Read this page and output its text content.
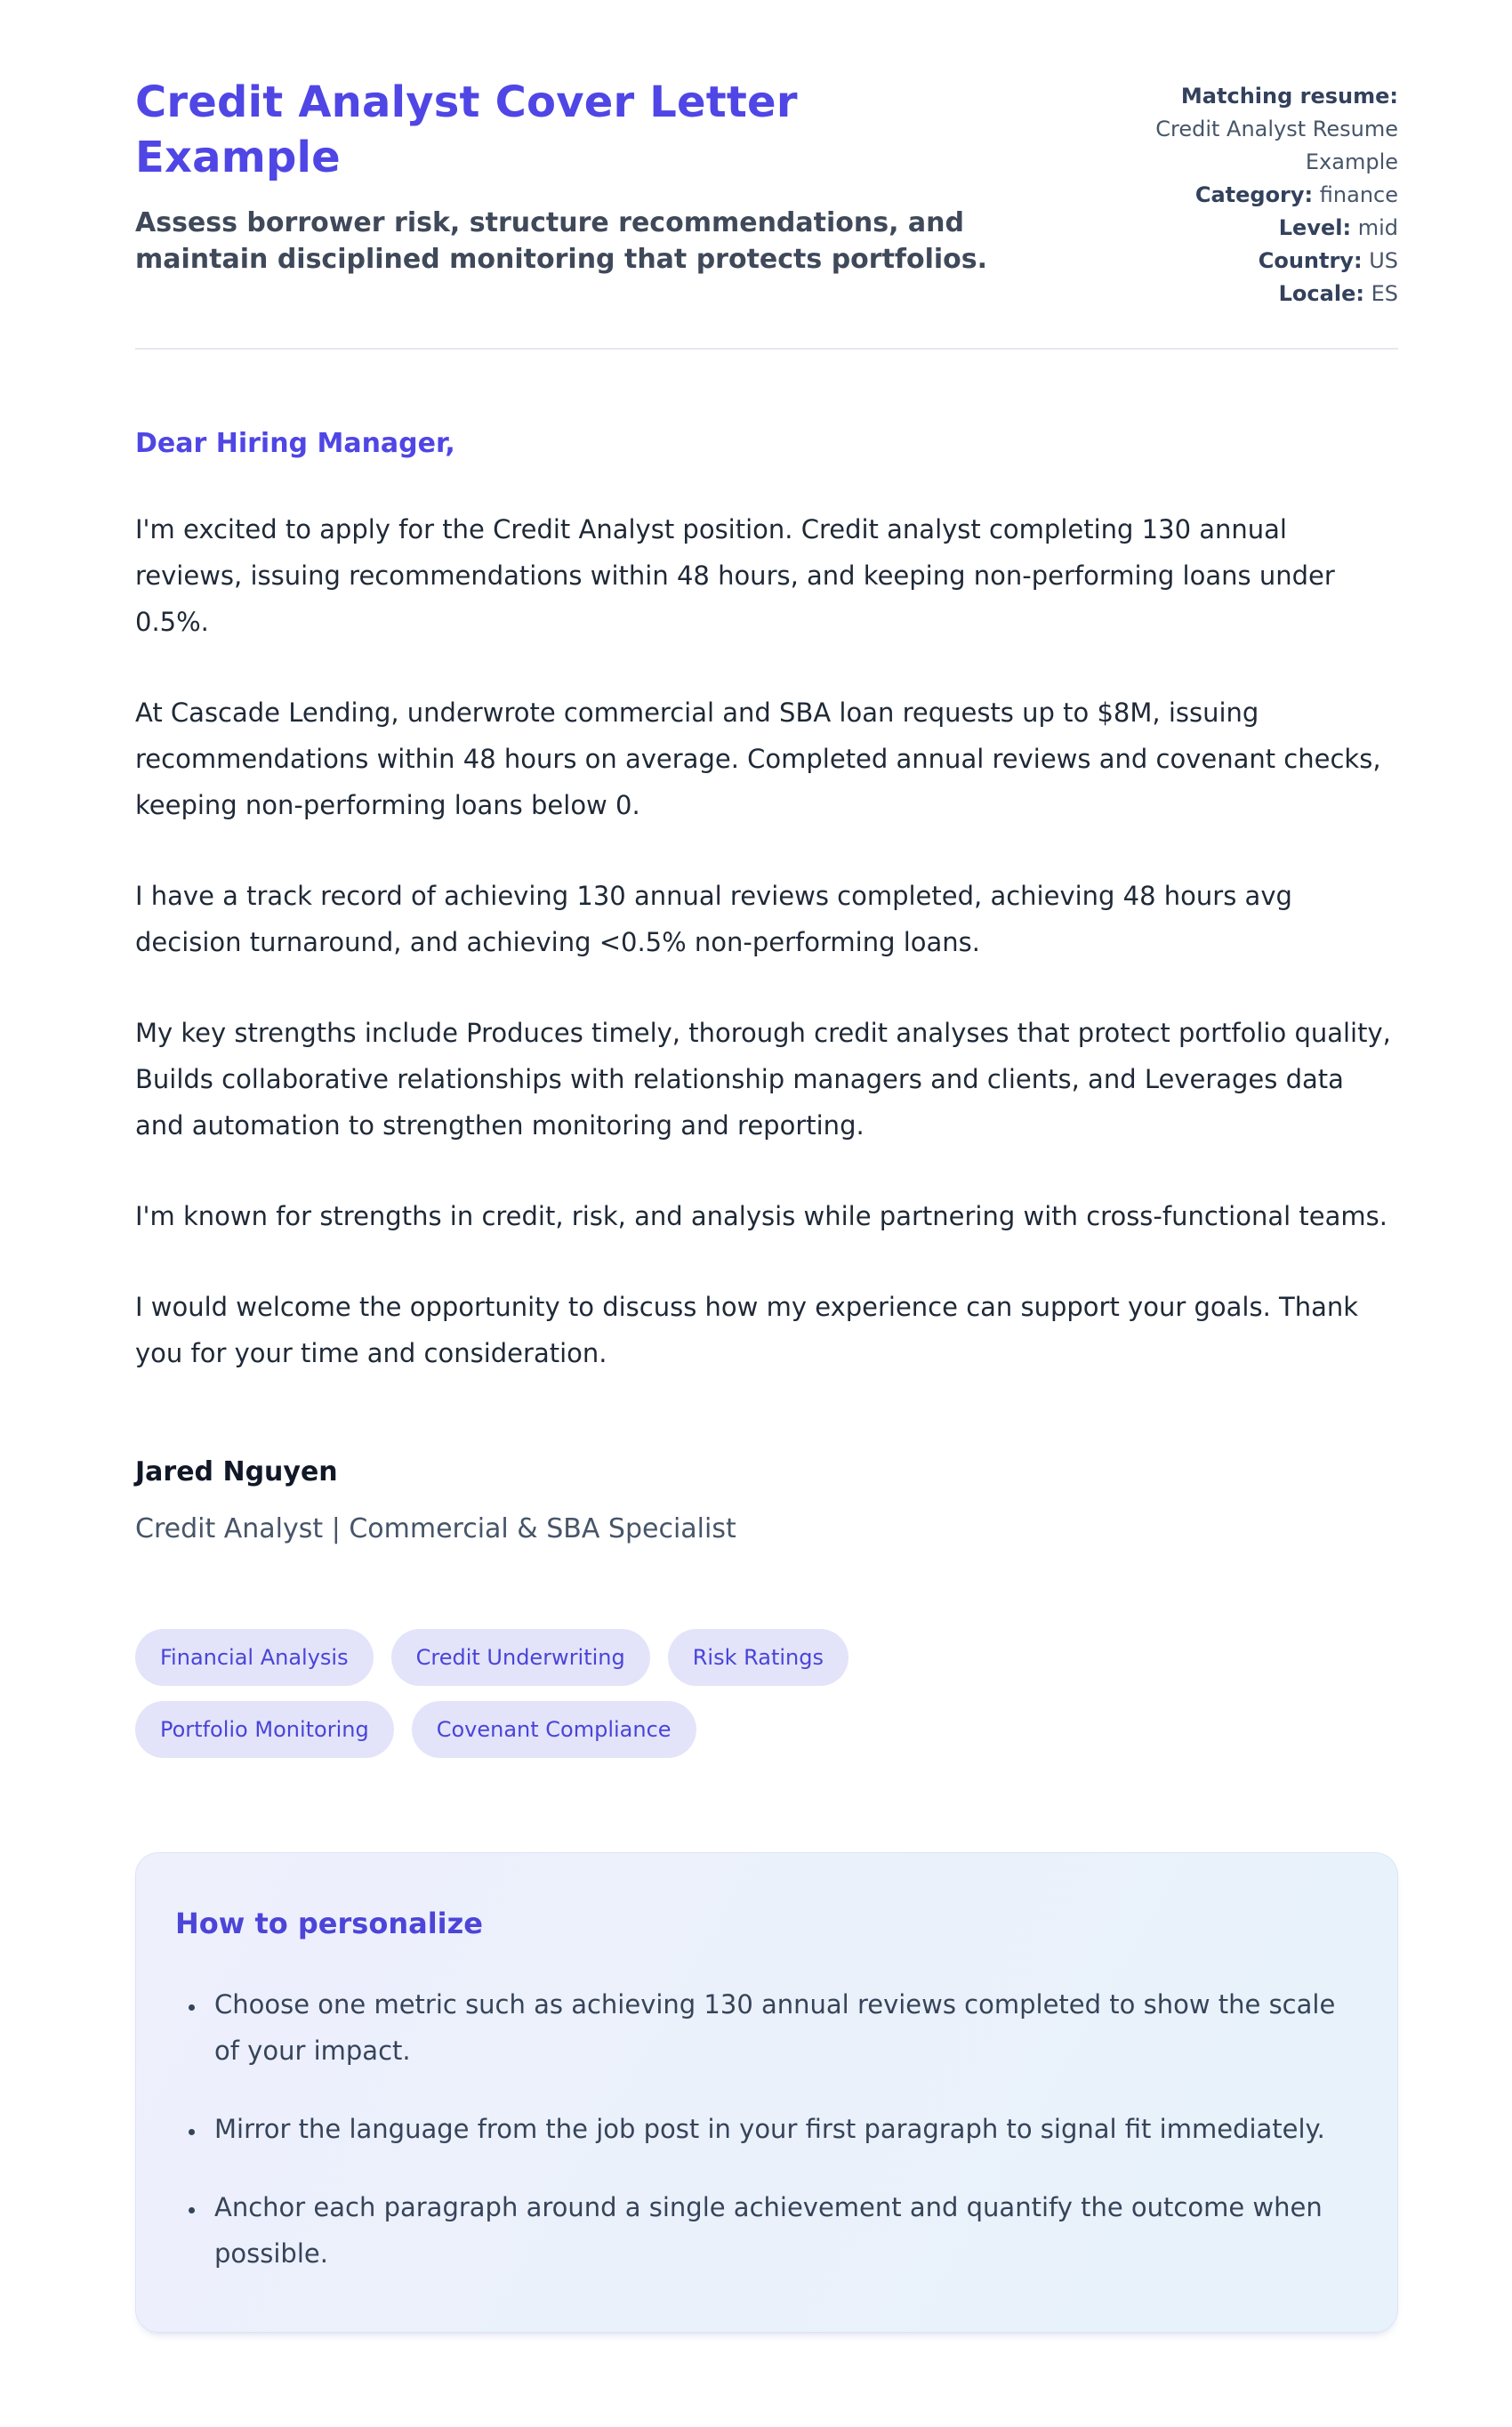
Credit Analyst Cover Letter Example

Assess borrower risk, structure recommendations, and maintain disciplined monitoring that protects portfolios.

Matching resume:
Credit Analyst Resume Example
Category: finance
Level: mid
Country: US
Locale: ES

Dear Hiring Manager,

I'm excited to apply for the Credit Analyst position. Credit analyst completing 130 annual reviews, issuing recommendations within 48 hours, and keeping non-performing loans under 0.5%.

At Cascade Lending, underwrote commercial and SBA loan requests up to $8M, issuing recommendations within 48 hours on average. Completed annual reviews and covenant checks, keeping non-performing loans below 0.

I have a track record of achieving 130 annual reviews completed, achieving 48 hours avg decision turnaround, and achieving <0.5% non-performing loans.

My key strengths include Produces timely, thorough credit analyses that protect portfolio quality, Builds collaborative relationships with relationship managers and clients, and Leverages data and automation to strengthen monitoring and reporting.

I'm known for strengths in credit, risk, and analysis while partnering with cross-functional teams.

I would welcome the opportunity to discuss how my experience can support your goals. Thank you for your time and consideration.

Jared Nguyen

Credit Analyst | Commercial & SBA Specialist

Financial Analysis	Credit Underwriting	Risk Ratings
Portfolio Monitoring	Covenant Compliance
How to personalize
• Choose one metric such as achieving 130 annual reviews completed to show the scale of your impact.
• Mirror the language from the job post in your first paragraph to signal fit immediately.
• Anchor each paragraph around a single achievement and quantify the outcome when possible.
